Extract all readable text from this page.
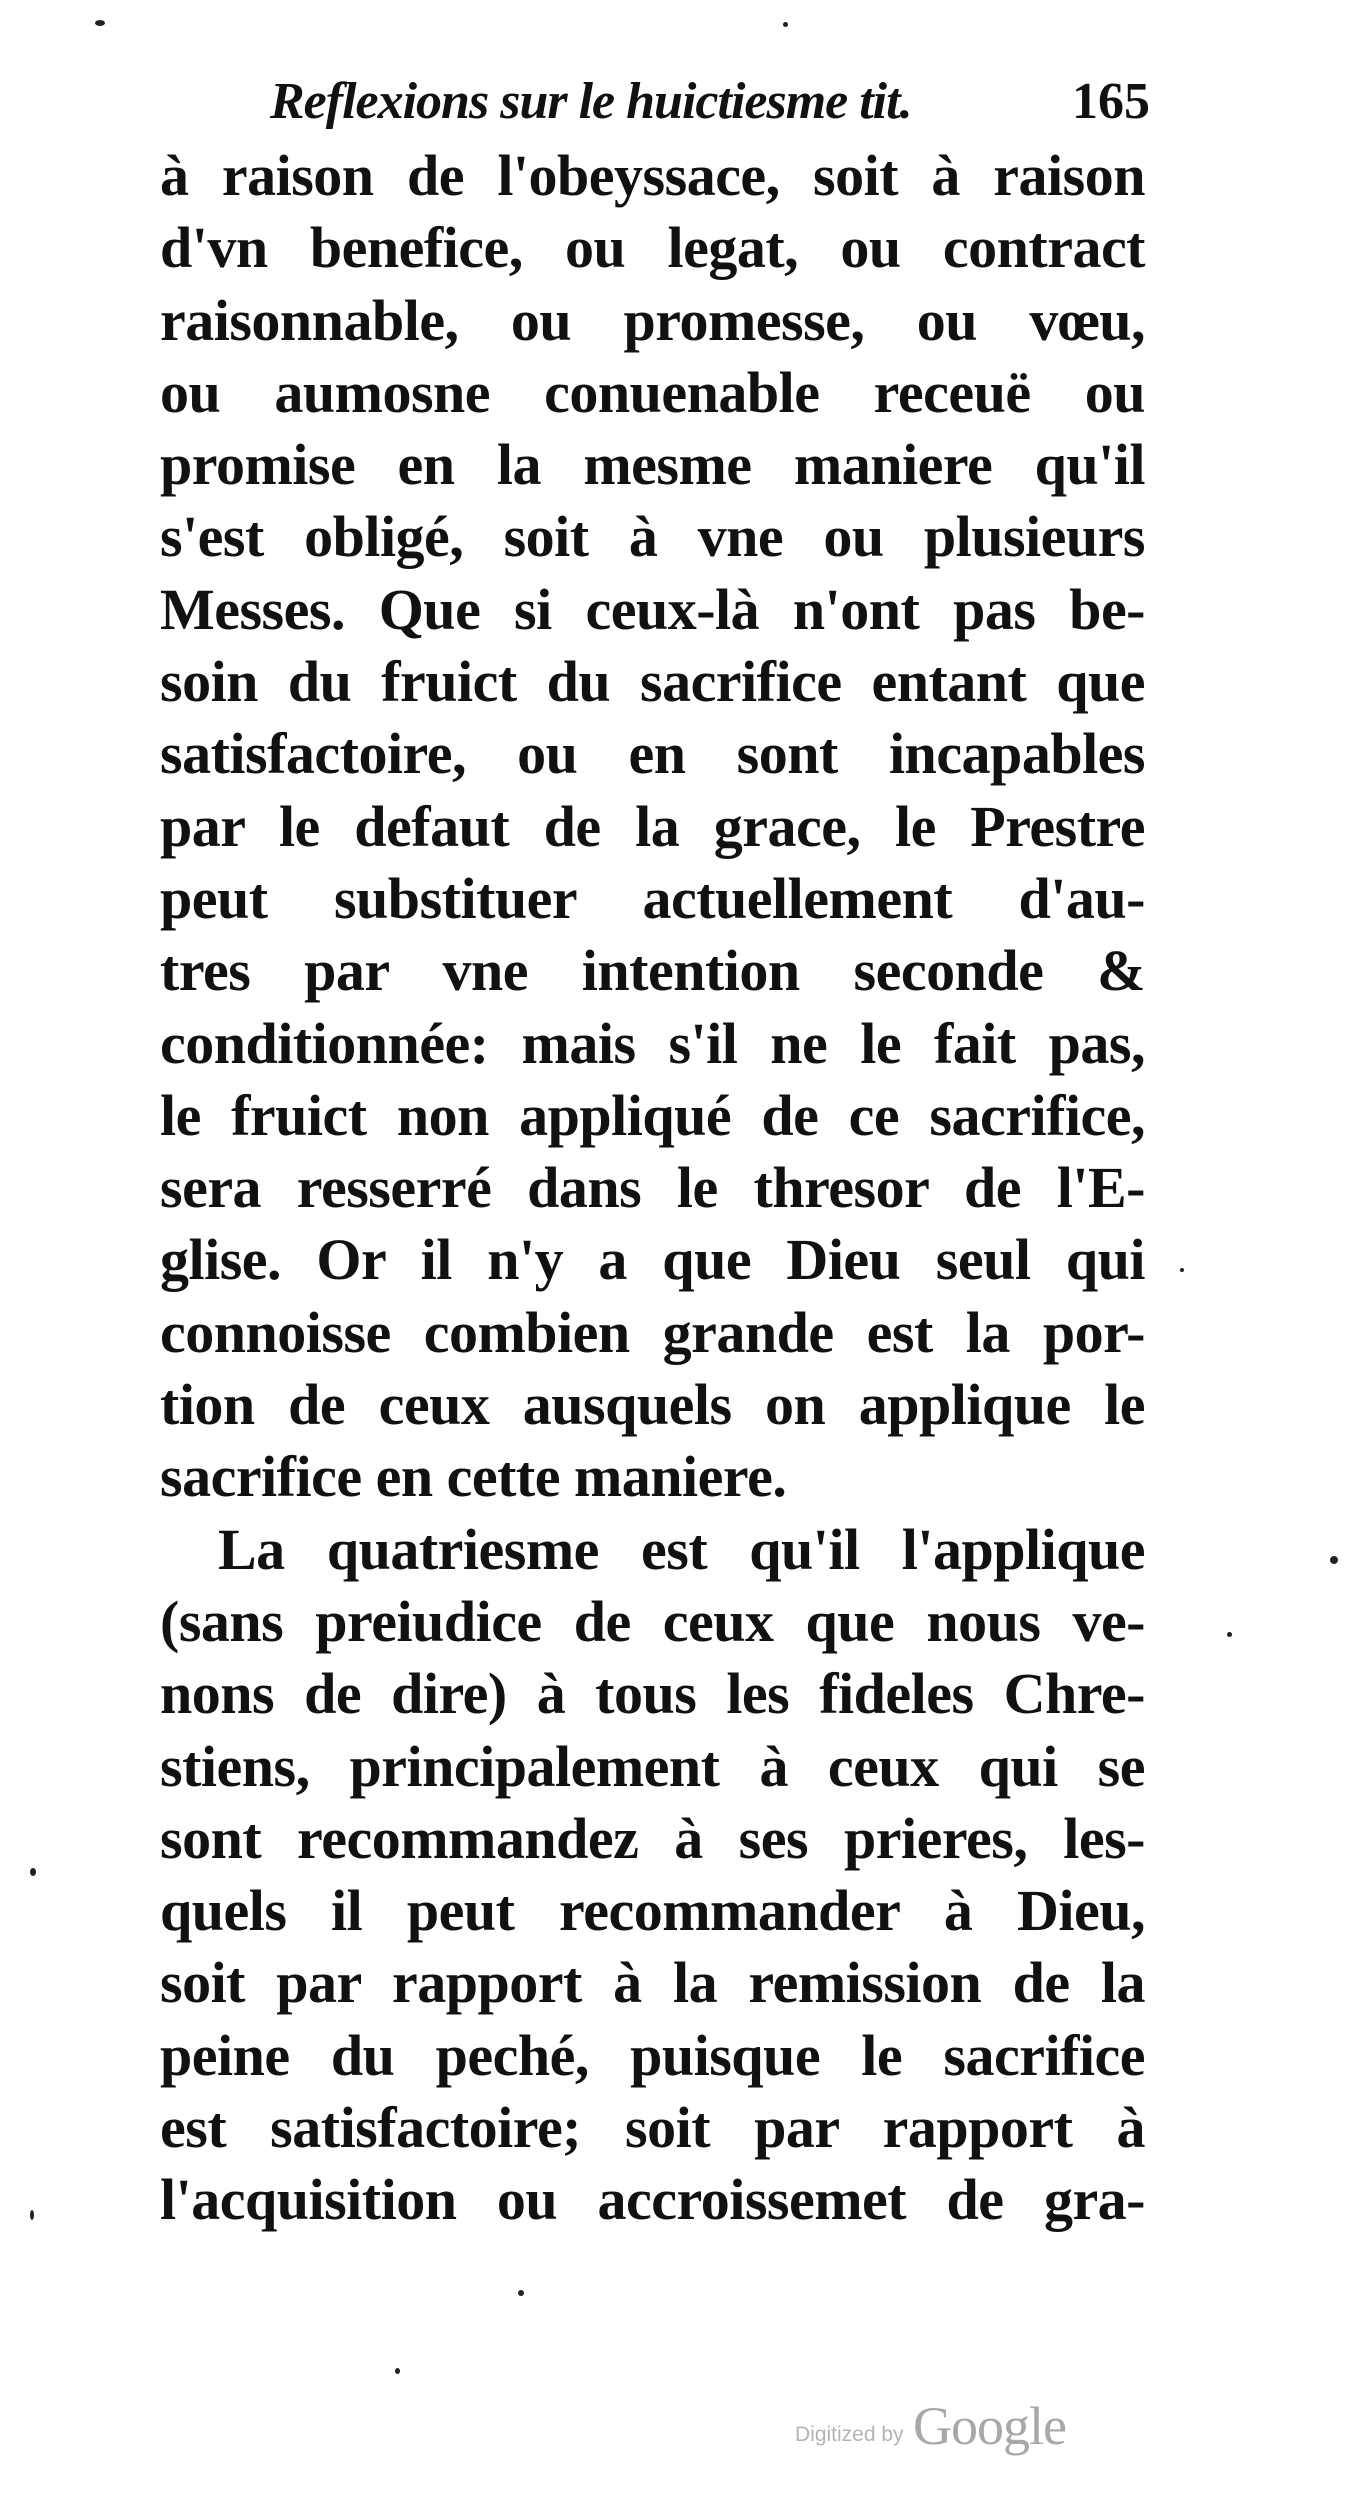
Reflexions sur le huictiesme tit.	165
à raison de l'obeyssace, soit à raison
d'vn benefice, ou legat, ou contract
raisonnable, ou promesse, ou vœu,
ou aumosne conuenable receuë ou
promise en la mesme maniere qu'il
s'est obligé, soit à vne ou plusieurs
Messes. Que si ceux-là n'ont pas be-
soin du fruict du sacrifice entant que
satisfactoire, ou en sont incapables
par le defaut de la grace, le Prestre
peut substituer actuellement d'au-
tres par vne intention seconde &
conditionnée: mais s'il ne le fait pas,
le fruict non appliqué de ce sacrifice,
sera resserré dans le thresor de l'E-
glise. Or il n'y a que Dieu seul qui
connoisse combien grande est la por-
tion de ceux ausquels on applique le
sacrifice en cette maniere.
La quatriesme est qu'il l'applique
(sans preiudice de ceux que nous ve-
nons de dire) à tous les fideles Chre-
stiens, principalement à ceux qui se
sont recommandez à ses prieres, les-
quels il peut recommander à Dieu,
soit par rapport à la remission de la
peine du peché, puisque le sacrifice
est satisfactoire; soit par rapport à
l'acquisition ou accroissemet de gra-
Digitized by Google
